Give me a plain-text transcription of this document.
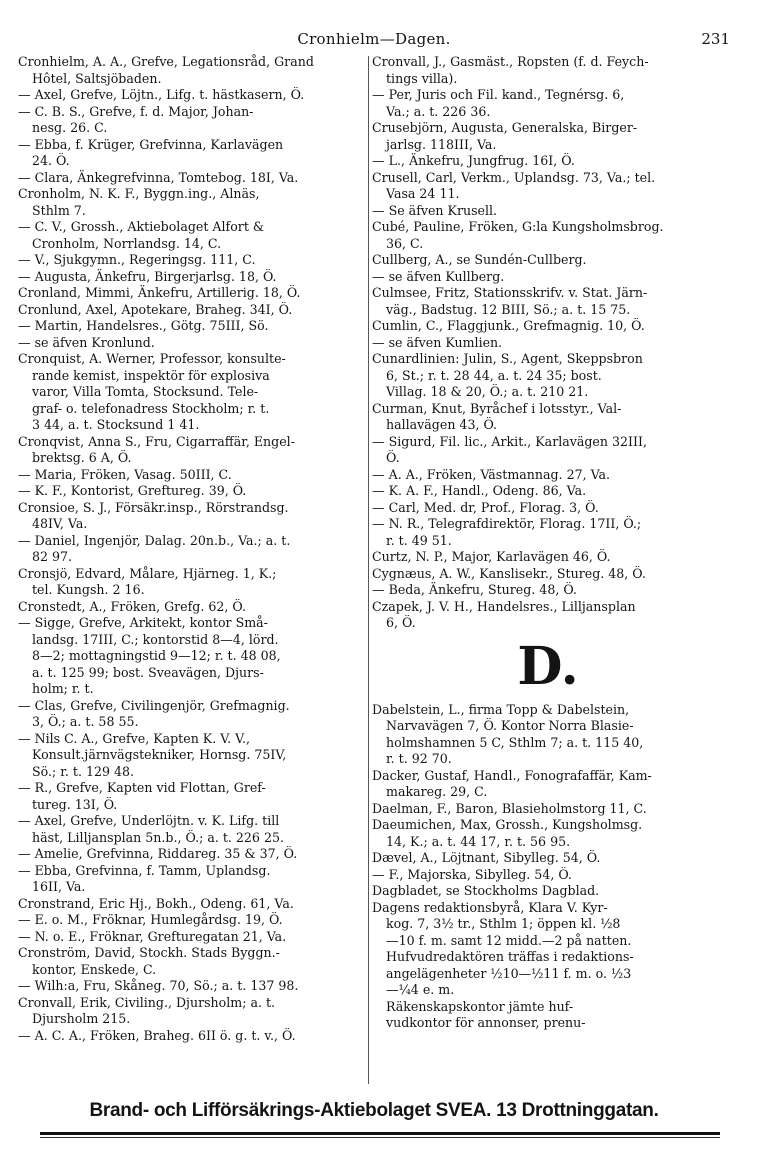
Cronhielm—Dagen.	231
Cronhielm, A. A., Grefve, Legationsråd, Grand
Hôtel, Saltsjöbaden.
— Axel, Grefve, Löjtn., Lifg. t. hästkasern, Ö.
— C. B. S., Grefve, f. d. Major, Johan-
nesg. 26. C.
— Ebba, f. Krüger, Grefvinna, Karlavägen
24. Ö.
— Clara, Änkegrefvinna, Tomtebog. 18I, Va.
Cronholm, N. K. F., Byggn.ing., Alnäs,
Sthlm 7.
— C. V., Grossh., Aktiebolaget Alfort &
Cronholm, Norrlandsg. 14, C.
— V., Sjukgymn., Regeringsg. 111, C.
— Augusta, Änkefru, Birgerjarlsg. 18, Ö.
Cronland, Mimmi, Änkefru, Artillerig. 18, Ö.
Cronlund, Axel, Apotekare, Braheg. 34I, Ö.
— Martin, Handelsres., Götg. 75III, Sö.
— se äfven Kronlund.
Cronquist, A. Werner, Professor, konsulte-
rande kemist, inspektör för explosiva
varor, Villa Tomta, Stocksund. Tele-
graf- o. telefonadress Stockholm; r. t.
3 44, a. t. Stocksund 1 41.
Cronqvist, Anna S., Fru, Cigarraffär, Engel-
brektsg. 6 A, Ö.
— Maria, Fröken, Vasag. 50III, C.
— K. F., Kontorist, Greftureg. 39, Ö.
Cronsioe, S. J., Försäkr.insp., Rörstrandsg.
48IV, Va.
— Daniel, Ingenjör, Dalag. 20n.b., Va.; a. t.
82 97.
Cronsjö, Edvard, Målare, Hjärneg. 1, K.;
tel. Kungsh. 2 16.
Cronstedt, A., Fröken, Grefg. 62, Ö.
— Sigge, Grefve, Arkitekt, kontor Små-
landsg. 17III, C.; kontorstid 8—4, lörd.
8—2; mottagningstid 9—12; r. t. 48 08,
a. t. 125 99; bost. Sveavägen, Djurs-
holm; r. t.
— Clas, Grefve, Civilingenjör, Grefmagnig.
3, Ö.; a. t. 58 55.
— Nils C. A., Grefve, Kapten K. V. V.,
Konsult.järnvägstekniker, Hornsg. 75IV,
Sö.; r. t. 129 48.
— R., Grefve, Kapten vid Flottan, Gref-
tureg. 13I, Ö.
— Axel, Grefve, Underlöjtn. v. K. Lifg. till
häst, Lilljansplan 5n.b., Ö.; a. t. 226 25.
— Amelie, Grefvinna, Riddareg. 35 & 37, Ö.
— Ebba, Grefvinna, f. Tamm, Uplandsg.
16II, Va.
Cronstrand, Eric Hj., Bokh., Odeng. 61, Va.
— E. o. M., Fröknar, Humlegårdsg. 19, Ö.
— N. o. E., Fröknar, Grefturegatan 21, Va.
Cronström, David, Stockh. Stads Byggn.-
kontor, Enskede, C.
— Wilh:a, Fru, Skåneg. 70, Sö.; a. t. 137 98.
Cronvall, Erik, Civiling., Djursholm; a. t.
Djursholm 215.
— A. C. A., Fröken, Braheg. 6II ö. g. t. v., Ö.
Cronvall, J., Gasmäst., Ropsten (f. d. Feych-
tings villa).
— Per, Juris och Fil. kand., Tegnérsg. 6,
Va.; a. t. 226 36.
Crusebjörn, Augusta, Generalska, Birger-
jarlsg. 118III, Va.
— L., Änkefru, Jungfrug. 16I, Ö.
Crusell, Carl, Verkm., Uplandsg. 73, Va.; tel.
Vasa 24 11.
— Se äfven Krusell.
Cubé, Pauline, Fröken, G:la Kungsholmsbrog.
36, C.
Cullberg, A., se Sundén-Cullberg.
— se äfven Kullberg.
Culmsee, Fritz, Stationsskrifv. v. Stat. Järn-
väg., Badstug. 12 BIII, Sö.; a. t. 15 75.
Cumlin, C., Flaggjunk., Grefmagnig. 10, Ö.
— se äfven Kumlien.
Cunardlinien: Julin, S., Agent, Skeppsbron
6, St.; r. t. 28 44, a. t. 24 35; bost.
Villag. 18 & 20, Ö.; a. t. 210 21.
Curman, Knut, Byråchef i lotsstyr., Val-
hallavägen 43, Ö.
— Sigurd, Fil. lic., Arkit., Karlavägen 32III,
Ö.
— A. A., Fröken, Västmannag. 27, Va.
— K. A. F., Handl., Odeng. 86, Va.
— Carl, Med. dr, Prof., Florag. 3, Ö.
— N. R., Telegrafdirektör, Florag. 17II, Ö.;
r. t. 49 51.
Curtz, N. P., Major, Karlavägen 46, Ö.
Cygnæus, A. W., Kanslisekr., Stureg. 48, Ö.
— Beda, Änkefru, Stureg. 48, Ö.
Czapek, J. V. H., Handelsres., Lilljansplan
6, Ö.
D.
Dabelstein, L., firma Topp & Dabelstein,
Narvavägen 7, Ö. Kontor Norra Blasie-
holmshamnen 5 C, Sthlm 7; a. t. 115 40,
r. t. 92 70.
Dacker, Gustaf, Handl., Fonografaffär, Kam-
makareg. 29, C.
Daelman, F., Baron, Blasieholmstorg 11, C.
Daeumichen, Max, Grossh., Kungsholmsg.
14, K.; a. t. 44 17, r. t. 56 95.
Dævel, A., Löjtnant, Sibylleg. 54, Ö.
— F., Majorska, Sibylleg. 54, Ö.
Dagbladet, se Stockholms Dagblad.
Dagens redaktionsbyrå, Klara V. Kyr-
kog. 7, 3½ tr., Sthlm 1; öppen kl. ½8
—10 f. m. samt 12 midd.—2 på natten.
Hufvudredaktören träffas i redaktions-
angelägenheter ½10—½11 f. m. o. ½3
—¼4 e. m.
Räkenskapskontor jämte huf-
vudkontor för annonser, prenu-
Brand- och Lifförsäkrings-Aktiebolaget SVEA. 13 Drottninggatan.
